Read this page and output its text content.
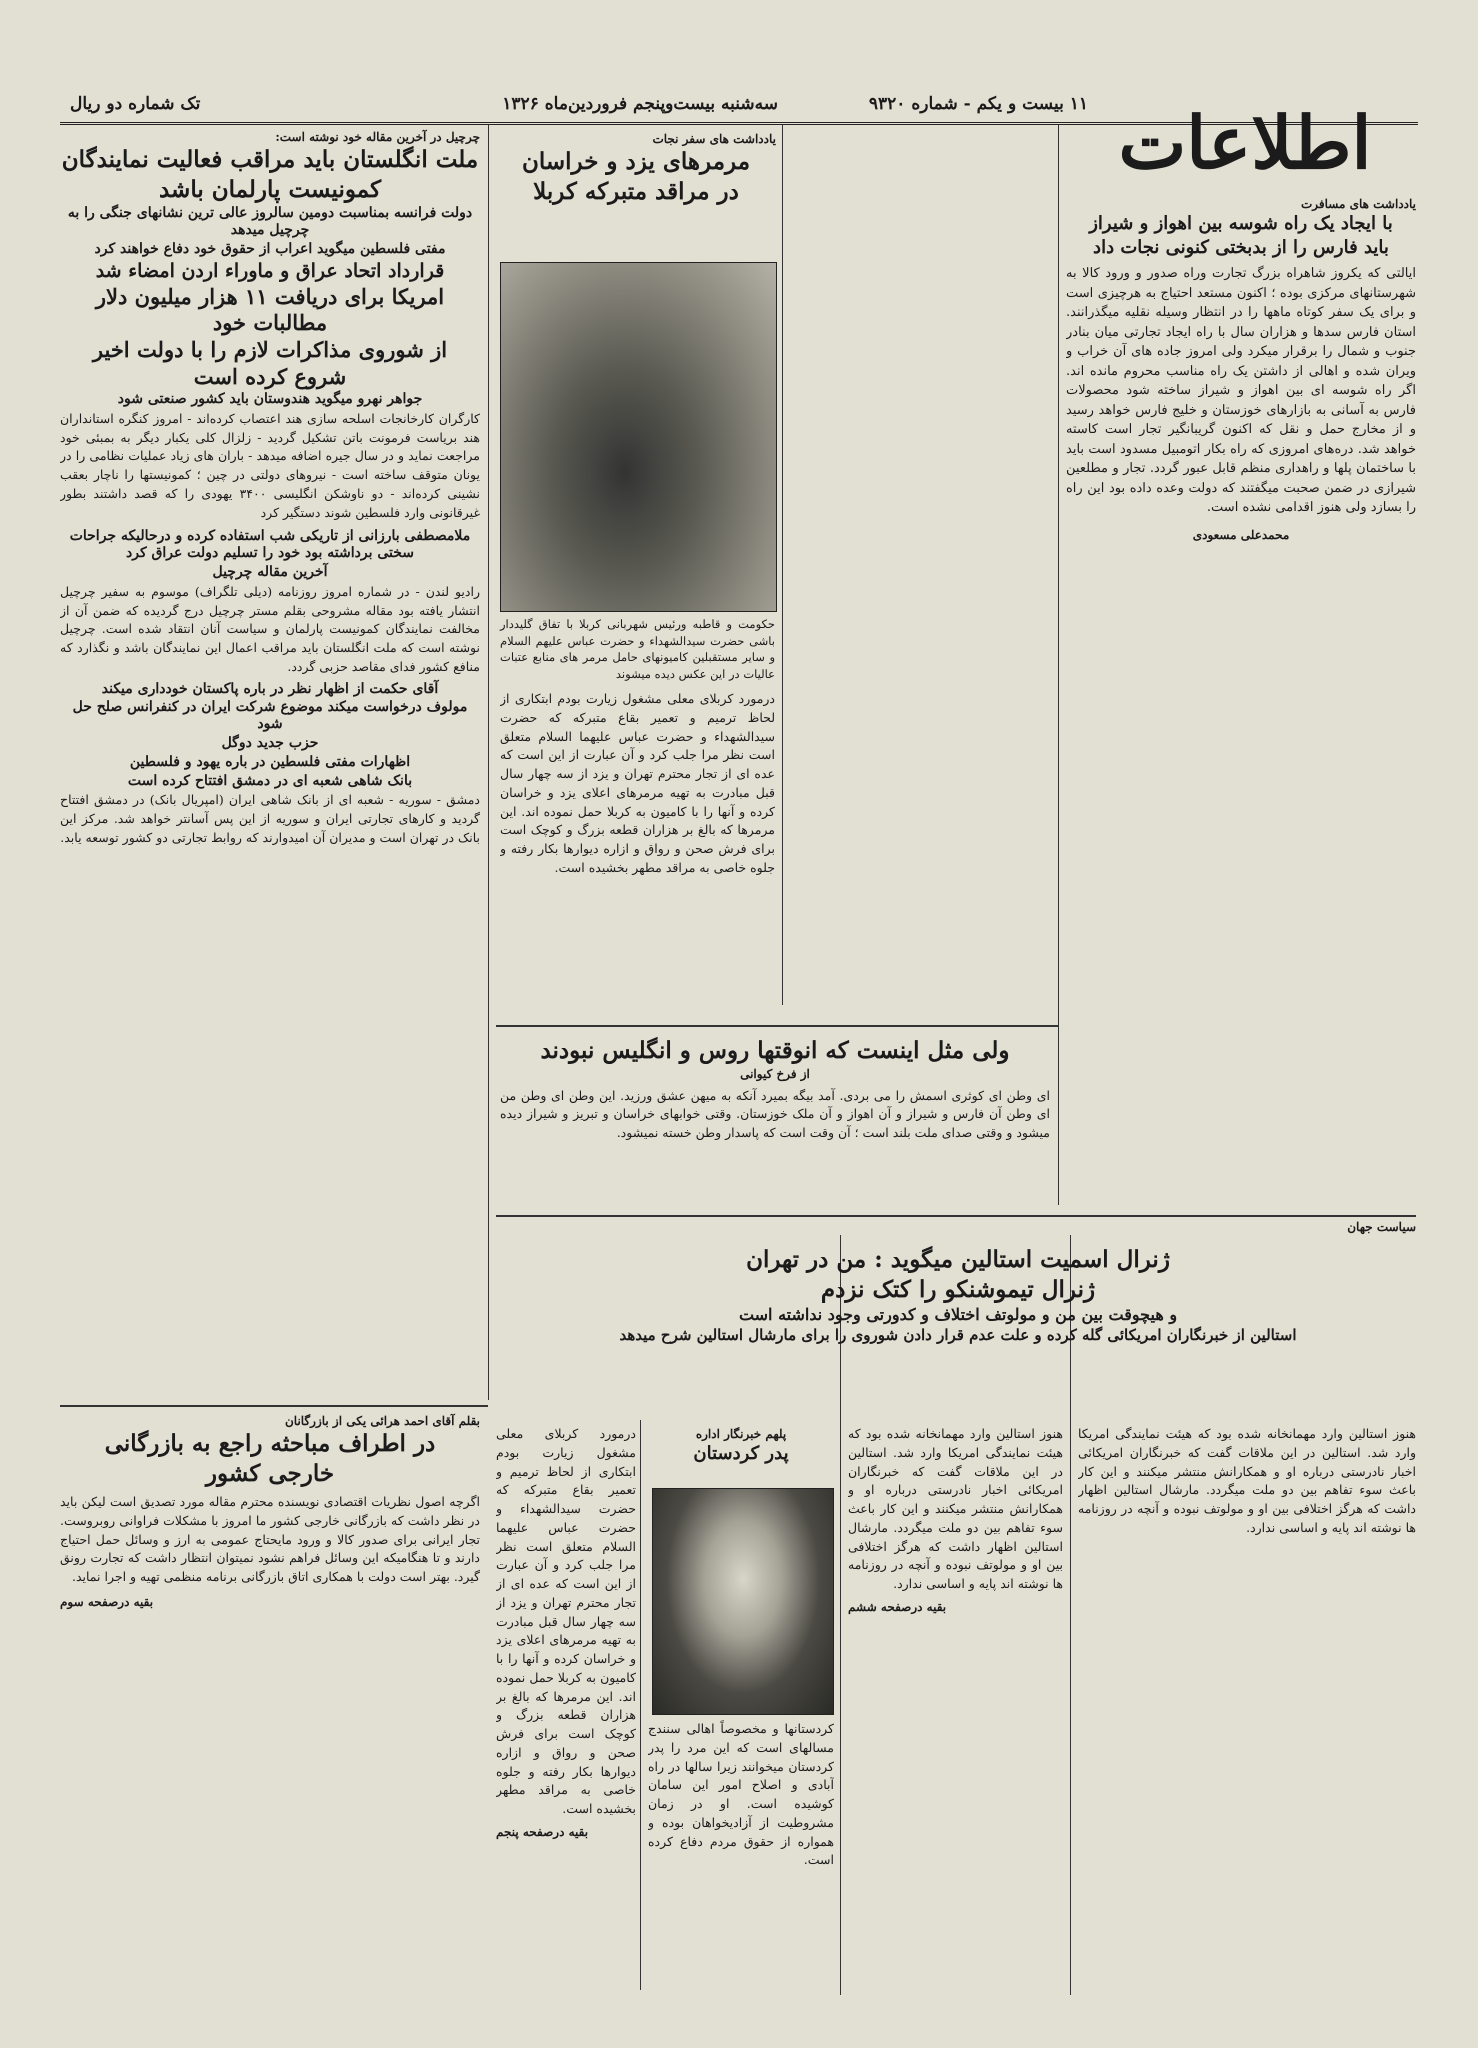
۱۱ بیست و یکم - شماره ۹۳۲۰
سه‌شنبه بیست‌وپنجم فروردین‌ماه ۱۳۲۶
تک شماره دو ریال	اطلاعات
یادداشت های مسافرت
با ایجاد یک راه شوسه بین اهواز و شیراز
باید فارس را از بدبختی کنونی نجات داد

ایالتی که یکروز شاهراه بزرگ تجارت وراه صدور و ورود کالا به شهرستانهای مرکزی بوده ؛ اکنون مستعد احتیاج به هرچیزی است و برای یک سفر کوتاه ماهها را در انتظار وسیله نقلیه میگذرانند. استان فارس سدها و هزاران سال با راه ایجاد تجارتی میان بنادر جنوب و شمال را برقرار میکرد ولی امروز جاده های آن خراب و ویران شده و اهالی از داشتن یک راه مناسب محروم مانده اند. اگر راه شوسه ای بین اهواز و شیراز ساخته شود محصولات فارس به آسانی به بازارهای خوزستان و خلیج فارس خواهد رسید و از مخارج حمل و نقل که اکنون گریبانگیر تجار است کاسته خواهد شد. دره‌های امروزی که راه بکار اتومبیل مسدود است باید با ساختمان پلها و راهداری منظم قابل عبور گردد. تجار و مطلعین شیرازی در ضمن صحبت میگفتند که دولت وعده داده بود این راه را بسازد ولی هنوز اقدامی نشده است.

محمدعلی مسعودی
یادداشت های سفر نجات
مرمرهای یزد و خراسان
در مراقد متبرکه کربلا
حکومت و قاطبه ورئیس شهربانی کربلا با تفاق گلیددار باشی حضرت سیدالشهداء و حضرت عباس علیهم السلام و سایر مستقبلین کامیونهای حامل مرمر های منابع عتبات عالیات در این عکس دیده میشوند

درمورد کربلای معلی مشغول زیارت بودم ابتکاری از لحاظ ترمیم و تعمیر بقاع متبرکه که حضرت سیدالشهداء و حضرت عباس علیهما السلام متعلق است نظر مرا جلب کرد و آن عبارت از این است که عده ای از تجار محترم تهران و یزد از سه چهار سال قبل مبادرت به تهیه مرمرهای اعلای یزد و خراسان کرده و آنها را با کامیون به کربلا حمل نموده اند. این مرمرها که بالغ بر هزاران قطعه بزرگ و کوچک است برای فرش صحن و رواق و ازاره دیوارها بکار رفته و جلوه خاصی به مراقد مطهر بخشیده است.

ولی مثل اینست که انوقتها روس و انگلیس نبودند
از فرخ کیوانی

ای وطن ای کوثری اسمش را می بردی. آمد بیگه بمیرد آنکه به میهن عشق ورزید. این وطن ای وطن من ای وطن آن فارس و شیراز و آن اهواز و آن ملک خوزستان. وقتی خوابهای خراسان و تبریز و شیراز دیده میشود و وقتی صدای ملت بلند است ؛ آن وقت است که پاسدار وطن خسته نمیشود.

چرچیل در آخرین مقاله خود نوشته است:
ملت انگلستان باید مراقب فعالیت نمایندگان
کمونیست پارلمان باشد
دولت فرانسه بمناسبت دومین سالروز عالی ترین نشانهای جنگی را به چرچیل میدهد
مفتی فلسطین میگوید اعراب از حقوق خود دفاع خواهند کرد
قرارداد اتحاد عراق و ماوراء اردن امضاء شد
امریکا برای دریافت ۱۱ هزار میلیون دلار مطالبات خود
از شوروی مذاکرات لازم را با دولت اخیر
شروع کرده است
جواهر نهرو میگوید هندوستان باید کشور صنعتی شود

کارگران کارخانجات اسلحه سازی هند اعتصاب کرده‌اند - امروز کنگره استانداران هند بریاست فرمونت باتن تشکیل گردید - زلزال کلی یکبار دیگر به بمبئی خود مراجعت نماید و در سال جیره اضافه میدهد - باران های زیاد عملیات نظامی را در یونان متوقف ساخته است - نیروهای دولتی در چین ؛ کمونیستها را ناچار بعقب نشینی کرده‌اند - دو ناوشکن انگلیسی ۳۴۰۰ یهودی را که قصد داشتند بطور غیرقانونی وارد فلسطین شوند دستگیر کرد

ملامصطفی بارزانی از تاریکی شب استفاده کرده و درحالیکه جراحات سختی برداشته بود خود را تسلیم دولت عراق کرد
آخرین مقاله چرچیل

رادیو لندن - در شماره امروز روزنامه (دیلی تلگراف) موسوم به سفیر چرچیل انتشار یافته بود مقاله مشروحی بقلم مستر چرچیل درج گردیده که ضمن آن از مخالفت نمایندگان کمونیست پارلمان و سیاست آنان انتقاد شده است. چرچیل نوشته است که ملت انگلستان باید مراقب اعمال این نمایندگان باشد و نگذارد که منافع کشور فدای مقاصد حزبی گردد.

آقای حکمت از اظهار نظر در باره پاکستان خودداری میکند
مولوف درخواست میکند موضوع شرکت ایران در کنفرانس صلح حل شود
حزب جدید دوگل
اظهارات مفتی فلسطین در باره یهود و فلسطین
بانک شاهی شعبه ای در دمشق افتتاح کرده است

دمشق - سوریه - شعبه ای از بانک شاهی ایران (امپریال بانک) در دمشق افتتاح گردید و کارهای تجارتی ایران و سوریه از این پس آسانتر خواهد شد. مرکز این بانک در تهران است و مدیران آن امیدوارند که روابط تجارتی دو کشور توسعه یابد.

بقلم آقای احمد هرائی یکی از بازرگانان
در اطراف مباحثه راجع به بازرگانی
خارجی کشور

اگرچه اصول نظریات اقتصادی نویسنده محترم مقاله مورد تصدیق است لیکن باید در نظر داشت که بازرگانی خارجی کشور ما امروز با مشکلات فراوانی روبروست. تجار ایرانی برای صدور کالا و ورود مایحتاج عمومی به ارز و وسائل حمل احتیاج دارند و تا هنگامیکه این وسائل فراهم نشود نمیتوان انتظار داشت که تجارت رونق گیرد. بهتر است دولت با همکاری اتاق بازرگانی برنامه منظمی تهیه و اجرا نماید.

بقیه درصفحه سوم
سیاست جهان
ژنرال اسمیت استالین میگوید : من در تهران
ژنرال تیموشنکو را کتک نزدم
و هیچوقت بین من و مولوتف اختلاف و کدورتی وجود نداشته است
استالین از خبرنگاران امریکائی گله کرده و علت عدم قرار دادن شوروی را برای مارشال استالین شرح میدهد

هنوز استالین وارد مهمانخانه شده بود که هیئت نمایندگی امریکا وارد شد. استالین در این ملاقات گفت که خبرنگاران امریکائی اخبار نادرستی درباره او و همکارانش منتشر میکنند و این کار باعث سوء تفاهم بین دو ملت میگردد. مارشال استالین اظهار داشت که هرگز اختلافی بین او و مولوتف نبوده و آنچه در روزنامه ها نوشته اند پایه و اساسی ندارد.

هنوز استالین وارد مهمانخانه شده بود که هیئت نمایندگی امریکا وارد شد. استالین در این ملاقات گفت که خبرنگاران امریکائی اخبار نادرستی درباره او و همکارانش منتشر میکنند و این کار باعث سوء تفاهم بین دو ملت میگردد. مارشال استالین اظهار داشت که هرگز اختلافی بین او و مولوتف نبوده و آنچه در روزنامه ها نوشته اند پایه و اساسی ندارد.

بقیه درصفحه ششم
پلهم خبرنگار اداره
پدر کردستان

کردستانها و مخصوصاً اهالی سنندج مسالهای است که این مرد را پدر کردستان میخوانند زیرا سالها در راه آبادی و اصلاح امور این سامان کوشیده است. او در زمان مشروطیت از آزادیخواهان بوده و همواره از حقوق مردم دفاع کرده است.

درمورد کربلای معلی مشغول زیارت بودم ابتکاری از لحاظ ترمیم و تعمیر بقاع متبرکه که حضرت سیدالشهداء و حضرت عباس علیهما السلام متعلق است نظر مرا جلب کرد و آن عبارت از این است که عده ای از تجار محترم تهران و یزد از سه چهار سال قبل مبادرت به تهیه مرمرهای اعلای یزد و خراسان کرده و آنها را با کامیون به کربلا حمل نموده اند. این مرمرها که بالغ بر هزاران قطعه بزرگ و کوچک است برای فرش صحن و رواق و ازاره دیوارها بکار رفته و جلوه خاصی به مراقد مطهر بخشیده است.

بقیه درصفحه پنجم
